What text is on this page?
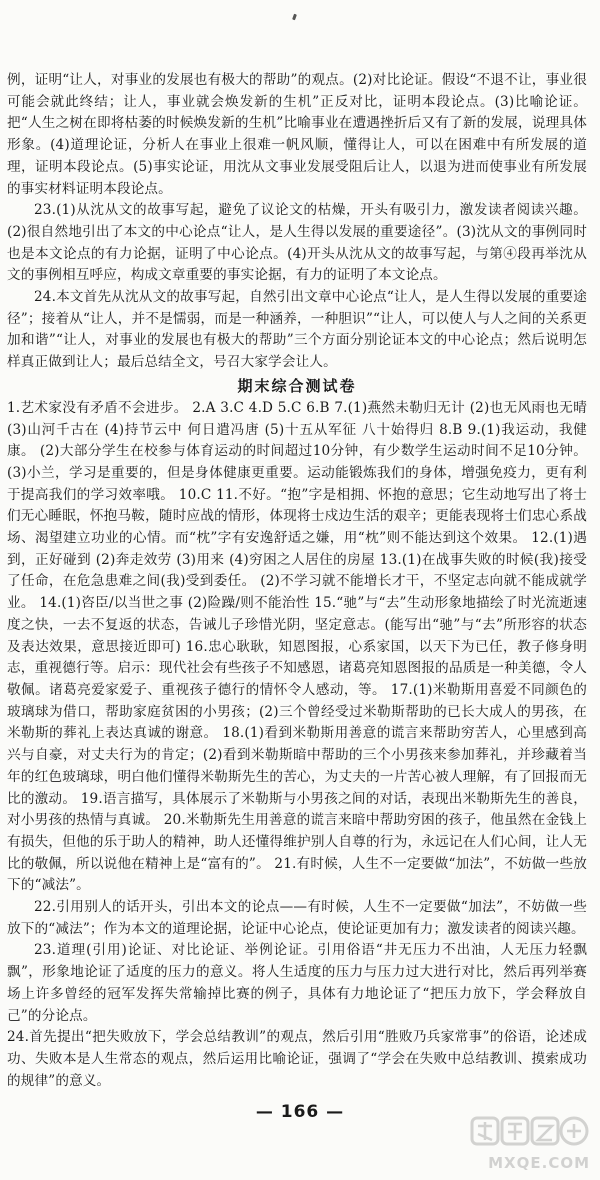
例，证明“让人，对事业的发展也有极大的帮助”的观点。(2)对比论证。假设“不退不让，事业很可能会就此终结；让人，事业就会焕发新的生机”正反对比，证明本段论点。(3)比喻论证。把“人生之树在即将枯萎的时候焕发新的生机”比喻事业在遭遇挫折后又有了新的发展，说理具体形象。(4)道理论证，分析人在事业上很难一帆风顺，懂得让人，可以在困难中有所发展的道理，证明本段论点。(5)事实论证，用沈从文事业发展受阻后让人，以退为进而使事业有所发展的事实材料证明本段论点。

23.(1)从沈从文的故事写起，避免了议论文的枯燥，开头有吸引力，激发读者阅读兴趣。(2)很自然地引出了本文的中心论点“让人，是人生得以发展的重要途径”。(3)沈从文的事例同时也是本文论点的有力论据，证明了中心论点。(4)开头从沈从文的故事写起，与第④段再举沈从文的事例相互呼应，构成文章重要的事实论据，有力的证明了本文论点。

24.本文首先从沈从文的故事写起，自然引出文章中心论点“让人，是人生得以发展的重要途径”；接着从“让人，并不是懦弱，而是一种涵养，一种胆识”“让人，可以使人与人之间的关系更加和谐”“让人，对事业的发展也有极大的帮助”三个方面分别论证本文的中心论点；然后说明怎样真正做到让人；最后总结全文，号召大家学会让人。

期末综合测试卷

1.艺术家没有矛盾不会进步。 2.A 3.C 4.D 5.C 6.B 7.(1)燕然未勒归无计 (2)也无风雨也无晴 (3)山河千古在 (4)持节云中 何日遣冯唐 (5)十五从军征 八十始得归 8.B 9.(1)我运动，我健康。 (2)大部分学生在校参与体育运动的时间超过10分钟，有少数学生运动时间不足10分钟。 (3)小兰，学习是重要的，但是身体健康更重要。运动能锻炼我们的身体，增强免疫力，更有利于提高我们的学习效率哦。 10.C 11.不好。“抱”字是相拥、怀抱的意思；它生动地写出了将士们无心睡眠，怀抱马鞍，随时应战的情形，体现将士戍边生活的艰辛；更能表现将士们忠心系战场、渴望建立功业的心情。而“枕”字有安逸舒适之嫌，用“枕”则不能达到这个效果。 12.(1)遇到，正好碰到 (2)奔走效劳 (3)用来 (4)穷困之人居住的房屋 13.(1)在战事失败的时候(我)接受了任命，在危急患难之间(我)受到委任。 (2)不学习就不能增长才干，不坚定志向就不能成就学业。 14.(1)咨臣/以当世之事 (2)险躁/则不能治性 15.“驰”与“去”生动形象地描绘了时光流逝速度之快，一去不复返的状态，告诫儿子珍惜光阴，坚定意志。(能写出“驰”与“去”所形容的状态及表达效果，意思接近即可) 16.忠心耿耿，知恩图报，心系家国，以天下为已任，教子修身明志，重视德行等。启示：现代社会有些孩子不知感恩，诸葛亮知恩图报的品质是一种美德，令人敬佩。诸葛亮爱家爱子、重视孩子德行的情怀令人感动，等。 17.(1)米勒斯用喜爱不同颜色的玻璃球为借口，帮助家庭贫困的小男孩；(2)三个曾经受过米勒斯帮助的已长大成人的男孩，在米勒斯的葬礼上表达真诚的谢意。 18.(1)看到米勒斯用善意的谎言来帮助穷苦人，心里感到高兴与自豪，对丈夫行为的肯定；(2)看到米勒斯暗中帮助的三个小男孩来参加葬礼，并珍藏着当年的红色玻璃球，明白他们懂得米勒斯先生的苦心，为丈夫的一片苦心被人理解，有了回报而无比的激动。 19.语言描写，具体展示了米勒斯与小男孩之间的对话，表现出米勒斯先生的善良，对小男孩的热情与真诚。 20.米勒斯先生用善意的谎言来暗中帮助穷困的孩子，他虽然在金钱上有损失，但他的乐于助人的精神，助人还懂得维护别人自尊的行为，永远记在人们心间，让人无比的敬佩，所以说他在精神上是“富有的”。 21.有时候，人生不一定要做“加法”，不妨做一些放下的“减法”。

22.引用别人的话开头，引出本文的论点——有时候，人生不一定要做“加法”，不妨做一些放下的“减法”；作为本文的道理论据，论证中心论点，使论证更加有力；激发读者的阅读兴趣。

23.道理(引用)论证、对比论证、举例论证。引用俗语“井无压力不出油，人无压力轻飘飘”，形象地论证了适度的压力的意义。将人生适度的压力与压力过大进行对比，然后再列举赛场上许多曾经的冠军发挥失常输掉比赛的例子，具体有力地论证了“把压力放下，学会释放自己”的分论点。

24.首先提出“把失败放下，学会总结教训”的观点，然后引用“胜败乃兵家常事”的俗语，论述成功、失败本是人生常态的观点，然后运用比喻论证，强调了“学会在失败中总结教训、摸索成功的规律”的意义。

— 166 —
MXQE.COM
